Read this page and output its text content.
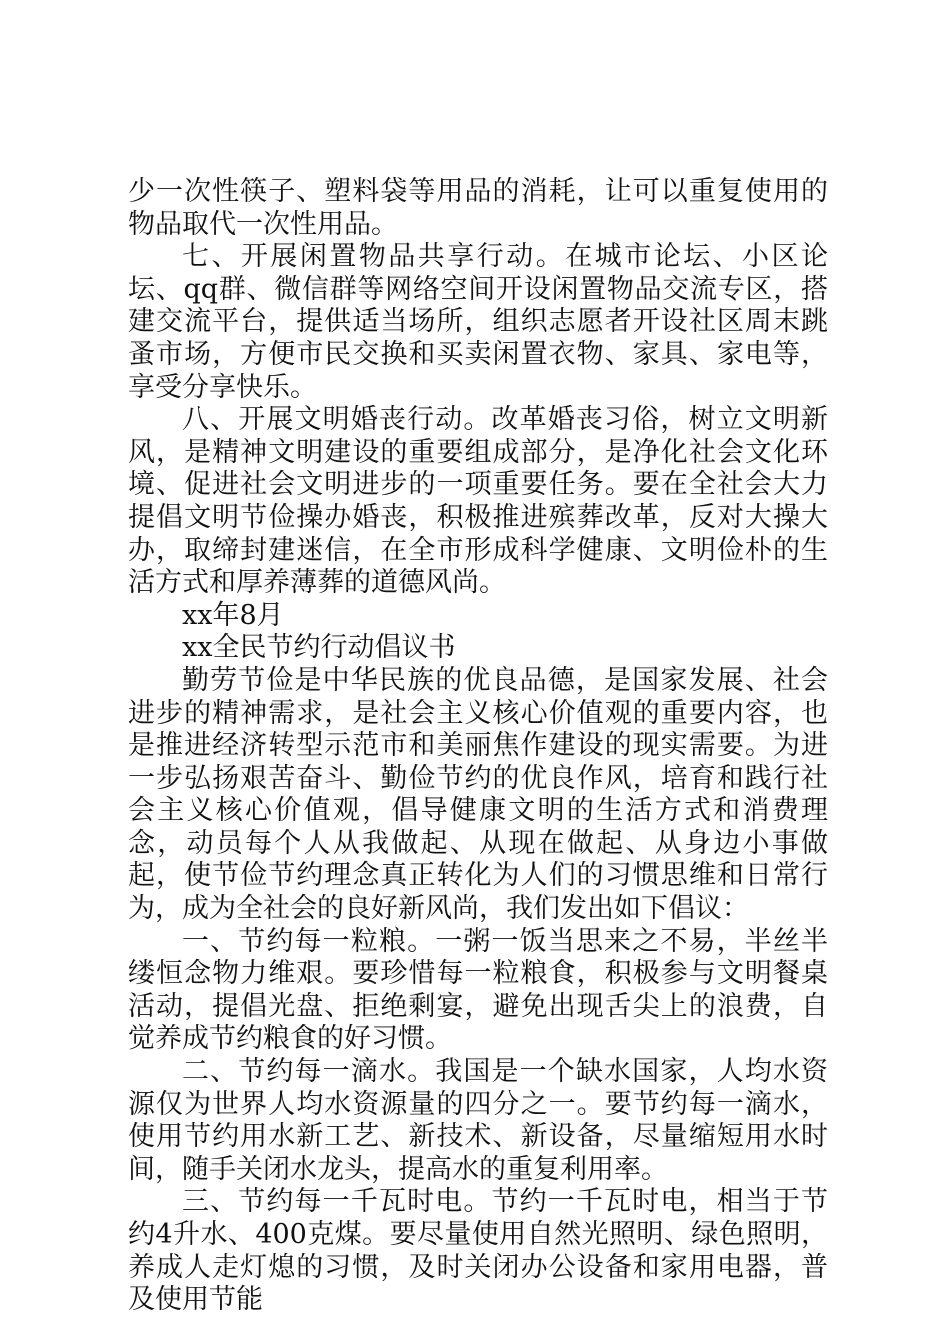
少一次性筷子、塑料袋等用品的消耗，让可以重复使用的物品取代一次性用品。

七、开展闲置物品共享行动。在城市论坛、小区论坛、qq群、微信群等网络空间开设闲置物品交流专区，搭建交流平台，提供适当场所，组织志愿者开设社区周末跳蚤市场，方便市民交换和买卖闲置衣物、家具、家电等，享受分享快乐。

八、开展文明婚丧行动。改革婚丧习俗，树立文明新风，是精神文明建设的重要组成部分，是净化社会文化环境、促进社会文明进步的一项重要任务。要在全社会大力提倡文明节俭操办婚丧，积极推进殡葬改革，反对大操大办，取缔封建迷信，在全市形成科学健康、文明俭朴的生活方式和厚养薄葬的道德风尚。

xx年8月

xx全民节约行动倡议书

勤劳节俭是中华民族的优良品德，是国家发展、社会进步的精神需求，是社会主义核心价值观的重要内容，也是推进经济转型示范市和美丽焦作建设的现实需要。为进一步弘扬艰苦奋斗、勤俭节约的优良作风，培育和践行社会主义核心价值观，倡导健康文明的生活方式和消费理念，动员每个人从我做起、从现在做起、从身边小事做起，使节俭节约理念真正转化为人们的习惯思维和日常行为，成为全社会的良好新风尚，我们发出如下倡议：

一、节约每一粒粮。一粥一饭当思来之不易，半丝半缕恒念物力维艰。要珍惜每一粒粮食，积极参与文明餐桌活动，提倡光盘、拒绝剩宴，避免出现舌尖上的浪费，自觉养成节约粮食的好习惯。

二、节约每一滴水。我国是一个缺水国家，人均水资源仅为世界人均水资源量的四分之一。要节约每一滴水，使用节约用水新工艺、新技术、新设备，尽量缩短用水时间，随手关闭水龙头，提高水的重复利用率。

三、节约每一千瓦时电。节约一千瓦时电，相当于节约4升水、400克煤。要尽量使用自然光照明、绿色照明，养成人走灯熄的习惯，及时关闭办公设备和家用电器，普及使用节能
